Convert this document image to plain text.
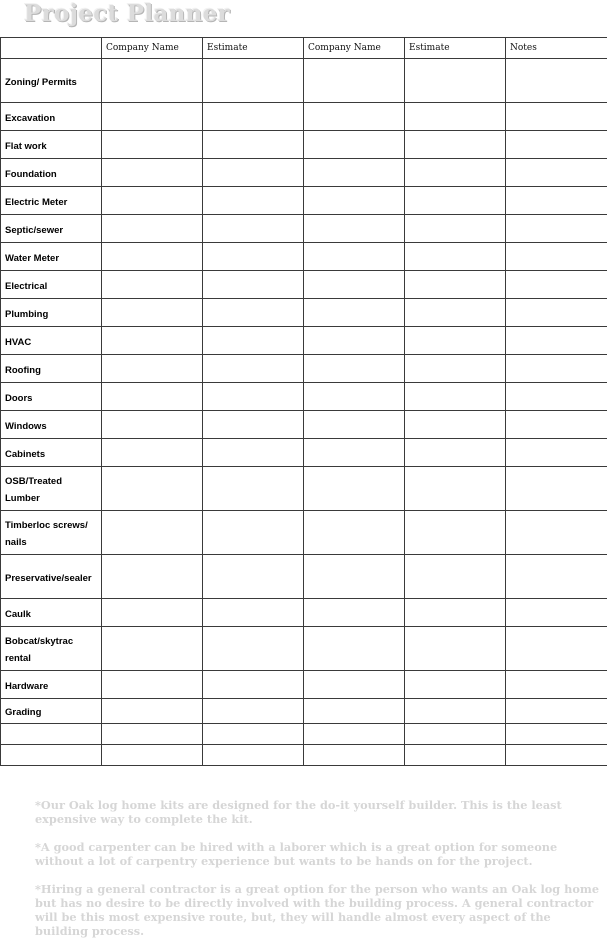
Project Planner
	Company Name	Estimate	Company Name	Estimate	Notes
Zoning/ Permits					
Excavation					
Flat work					
Foundation					
Electric Meter					
Septic/sewer					
Water Meter					
Electrical					
Plumbing					
HVAC					
Roofing					
Doors					
Windows					
Cabinets					
OSB/Treated Lumber					
Timberloc screws/ nails					
Preservative/sealer					
Caulk					
Bobcat/skytrac rental					
Hardware					
Grading					

*Our Oak log home kits are designed for the do-it yourself builder. This is the least expensive way to complete the kit.

*A good carpenter can be hired with a laborer which is a great option for someone without a lot of carpentry experience but wants to be hands on for the project.

*Hiring a general contractor is a great option for the person who wants an Oak log home but has no desire to be directly involved with the building process. A general contractor will be this most expensive route, but, they will handle almost every aspect of the building process.
